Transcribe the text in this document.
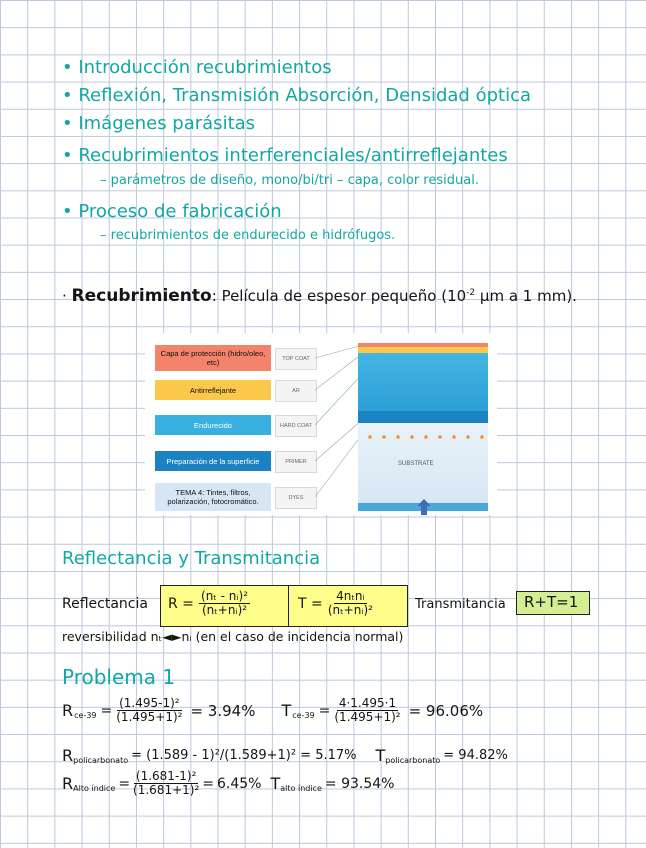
• Introducción recubrimientos
• Reflexión, Transmisión Absorción, Densidad óptica
• Imágenes parásitas
• Recubrimientos interferenciales/antirreflejantes
– parámetros de diseño, mono/bi/tri – capa, color residual.
• Proceso de fabricación
– recubrimientos de endurecido e hidrófugos.
· Recubrimiento: Película de espesor pequeño ($10^{-2}$ μm a 1 mm).
Capa de protección (hidro/oleo, etc)	TOP COAT
Antirreflejante	AR
Endurecido	HARD COAT
Preparación de la superficie	PRIMER
TEMA 4: Tintes, filtros, polarización, fotocromático.	DYES
SUBSTRATE
Reflectancia y Transmitancia
Reflectancia $R = \frac{\text{(nₜ - nᵢ)²}}{\text{(nₜ+nᵢ)²}}$	$T = \frac{\text{4nₜnᵢ}}{\text{(nₜ+nᵢ)²}}$	Transmitancia R+T=1
reversibilidad nₜ◄►nᵢ (en el caso de incidencia normal)
Problema 1
R $ce-39 = \frac{\text{(1.495-1)²}}{\text{(1.495+1)²}} = 3.94\%$ T $ce-39 = \frac{4\cdot 1.495\cdot 1}{\text{(1.495+1)²}} = 96.06\%$
R policarbonato = (1.589 - 1)²/(1.589+1)² = 5.17% T policarbonato = 94.82%
R Alto índice = $\frac{\text{(1.681-1)²}}{\text{(1.681+1)²}} = 6.45\%$ T alto índice = 93.54%
